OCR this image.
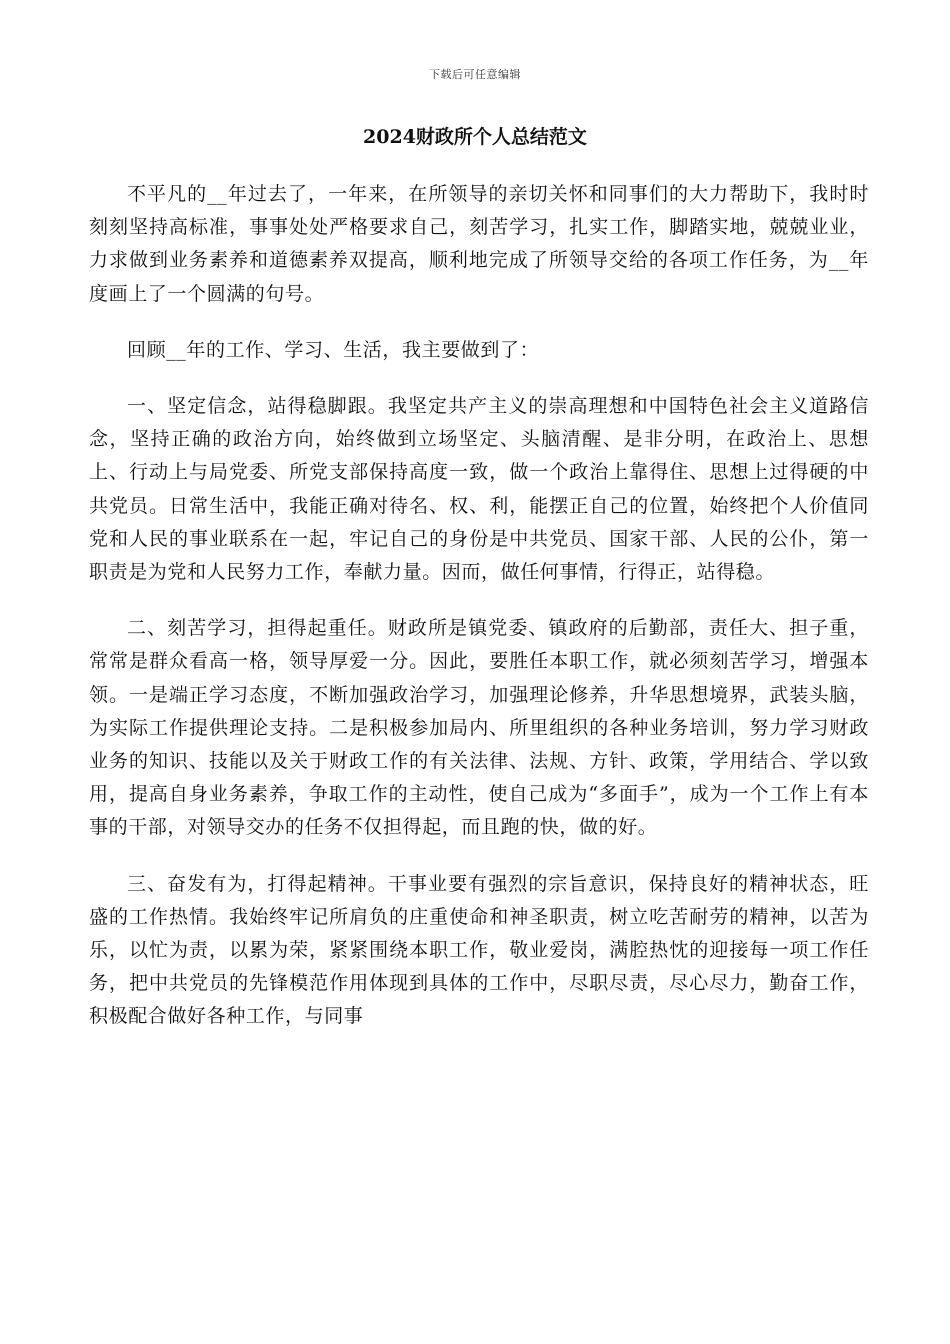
下载后可任意编辑
2024财政所个人总结范文

不平凡的__年过去了，一年来，在所领导的亲切关怀和同事们的大力帮助下，我时时刻刻坚持高标准，事事处处严格要求自己，刻苦学习，扎实工作，脚踏实地，兢兢业业，力求做到业务素养和道德素养双提高，顺利地完成了所领导交给的各项工作任务，为__年度画上了一个圆满的句号。

回顾__年的工作、学习、生活，我主要做到了：

一、坚定信念，站得稳脚跟。我坚定共产主义的崇高理想和中国特色社会主义道路信念，坚持正确的政治方向，始终做到立场坚定、头脑清醒、是非分明，在政治上、思想上、行动上与局党委、所党支部保持高度一致，做一个政治上靠得住、思想上过得硬的中共党员。日常生活中，我能正确对待名、权、利，能摆正自己的位置，始终把个人价值同党和人民的事业联系在一起，牢记自己的身份是中共党员、国家干部、人民的公仆，第一职责是为党和人民努力工作，奉献力量。因而，做任何事情，行得正，站得稳。

二、刻苦学习，担得起重任。财政所是镇党委、镇政府的后勤部，责任大、担子重，常常是群众看高一格，领导厚爱一分。因此，要胜任本职工作，就必须刻苦学习，增强本领。一是端正学习态度，不断加强政治学习，加强理论修养，升华思想境界，武装头脑，为实际工作提供理论支持。二是积极参加局内、所里组织的各种业务培训，努力学习财政业务的知识、技能以及关于财政工作的有关法律、法规、方针、政策，学用结合、学以致用，提高自身业务素养，争取工作的主动性，使自己成为“多面手”，成为一个工作上有本事的干部，对领导交办的任务不仅担得起，而且跑的快，做的好。

三、奋发有为，打得起精神。干事业要有强烈的宗旨意识，保持良好的精神状态，旺盛的工作热情。我始终牢记所肩负的庄重使命和神圣职责，树立吃苦耐劳的精神，以苦为乐，以忙为责，以累为荣，紧紧围绕本职工作，敬业爱岗，满腔热忱的迎接每一项工作任务，把中共党员的先锋模范作用体现到具体的工作中，尽职尽责，尽心尽力，勤奋工作，积极配合做好各种工作，与同事
